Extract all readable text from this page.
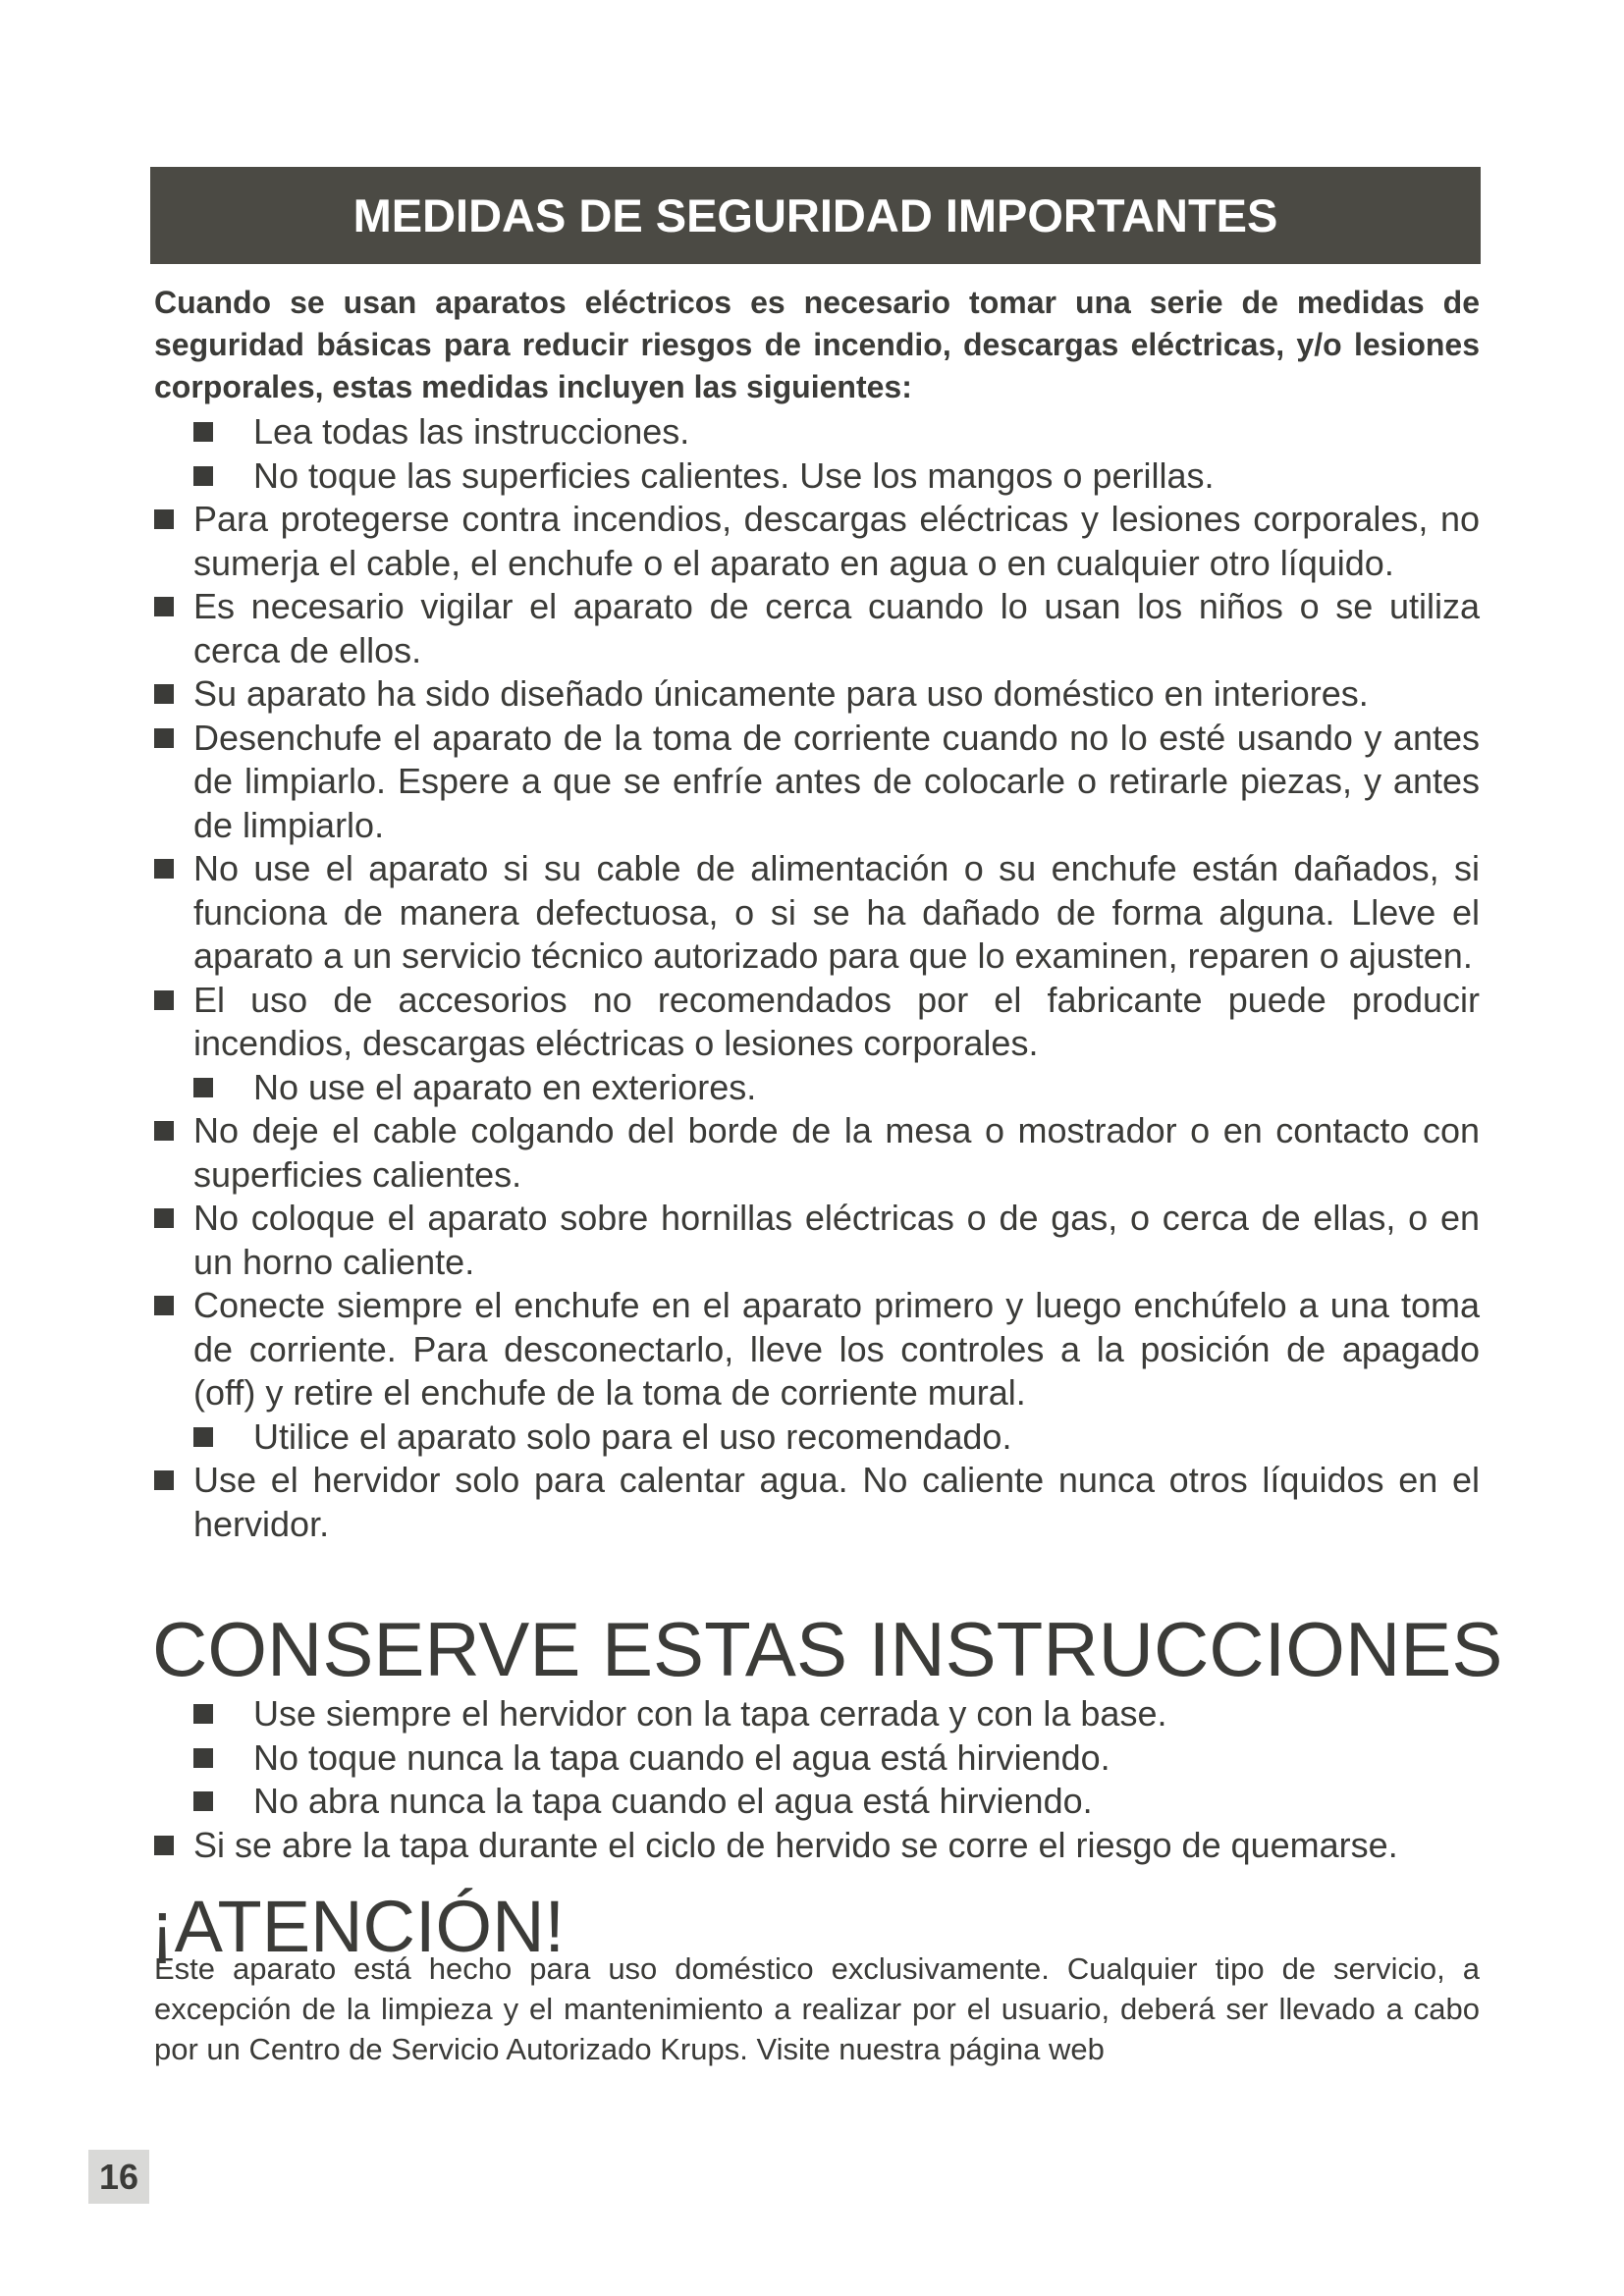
MEDIDAS DE SEGURIDAD IMPORTANTES

Cuando se usan aparatos eléctricos es necesario tomar una serie de medidas de seguridad básicas para reducir riesgos de incendio, descargas eléctricas, y/o lesiones corporales, estas medidas incluyen las siguientes:

Lea todas las instrucciones.
No toque las superficies calientes. Use los mangos o perillas.
Para protegerse contra incendios, descargas eléctricas y lesiones corporales, no sumerja el cable, el enchufe o el aparato en agua o en cualquier otro líquido.
Es necesario vigilar el aparato de cerca cuando lo usan los niños o se utiliza cerca de ellos.
Su aparato ha sido diseñado únicamente para uso doméstico en interiores.
Desenchufe el aparato de la toma de corriente cuando no lo esté usando y antes de limpiarlo. Espere a que se enfríe antes de colocarle o retirarle piezas, y antes de limpiarlo.
No use el aparato si su cable de alimentación o su enchufe están dañados, si funciona de manera defectuosa, o si se ha dañado de forma alguna. Lleve el aparato a un servicio técnico autorizado para que lo examinen, reparen o ajusten.
El uso de accesorios no recomendados por el fabricante puede producir incendios, descargas eléctricas o lesiones corporales.
No use el aparato en exteriores.
No deje el cable colgando del borde de la mesa o mostrador o en contacto con superficies calientes.
No coloque el aparato sobre hornillas eléctricas o de gas, o cerca de ellas, o en un horno caliente.
Conecte siempre el enchufe en el aparato primero y luego enchúfelo a una toma de corriente. Para desconectarlo, lleve los controles a la posición de apagado (off) y retire el enchufe de la toma de corriente mural.
Utilice el aparato solo para el uso recomendado.
Use el hervidor solo para calentar agua. No caliente nunca otros líquidos en el hervidor.
CONSERVE ESTAS INSTRUCCIONES
Use siempre el hervidor con la tapa cerrada y con la base.
No toque nunca la tapa cuando el agua está hirviendo.
No abra nunca la tapa cuando el agua está hirviendo.
Si se abre la tapa durante el ciclo de hervido se corre el riesgo de quemarse.
¡ATENCIÓN!

Este aparato está hecho para uso doméstico exclusivamente. Cualquier tipo de servicio, a excepción de la limpieza y el mantenimiento a realizar por el usuario, deberá ser llevado a cabo por un Centro de Servicio Autorizado Krups. Visite nuestra página web

16
